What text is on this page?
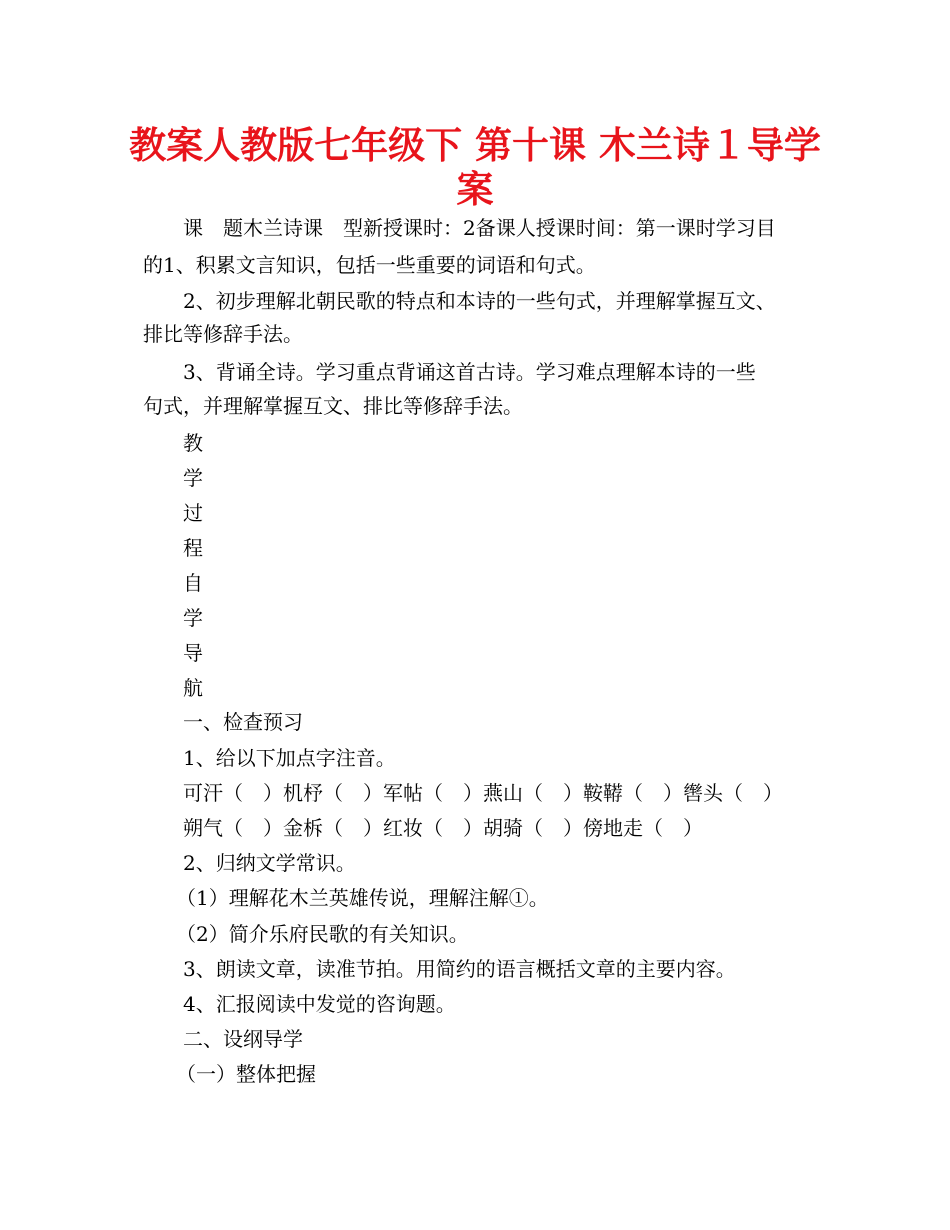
教案人教版七年级下 第十课 木兰诗１导学
案

课　题木兰诗课　型新授课时：2备课人授课时间：第一课时学习目

的1、积累文言知识，包括一些重要的词语和句式。

2、初步理解北朝民歌的特点和本诗的一些句式，并理解掌握互文、

排比等修辞手法。

3、背诵全诗。学习重点背诵这首古诗。学习难点理解本诗的一些

句式，并理解掌握互文、排比等修辞手法。

教

学

过

程

自

学

导

航

一、检查预习

1、给以下加点字注音。

可汗（　）机杼（　）军帖（　）燕山（　）鞍鞯（　）辔头（　）

朔气（　）金柝（　）红妆（　）胡骑（　）傍地走（　）

2、归纳文学常识。

（1）理解花木兰英雄传说，理解注解①。

（2）简介乐府民歌的有关知识。

3、朗读文章，读准节拍。用简约的语言概括文章的主要内容。

4、汇报阅读中发觉的咨询题。

二、设纲导学

（一）整体把握
